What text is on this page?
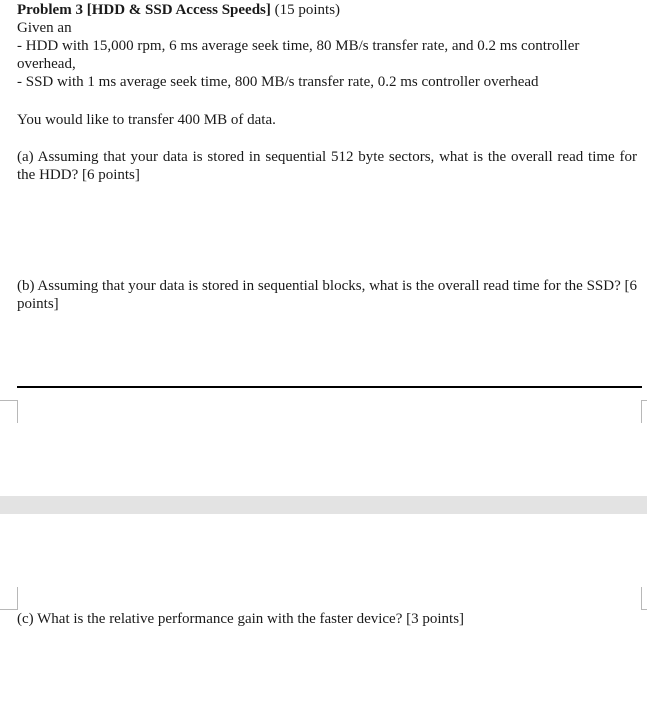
Problem 3 [HDD & SSD Access Speeds] (15 points)
Given an
- HDD with 15,000 rpm, 6 ms average seek time, 80 MB/s transfer rate, and 0.2 ms controller
overhead,
- SSD with 1 ms average seek time, 800 MB/s transfer rate, 0.2 ms controller overhead
You would like to transfer 400 MB of data.
(a) Assuming that your data is stored in sequential 512 byte sectors, what is the overall read time for the HDD? [6 points]
(b) Assuming that your data is stored in sequential blocks, what is the overall read time for the SSD? [6 points]
(c) What is the relative performance gain with the faster device? [3 points]
